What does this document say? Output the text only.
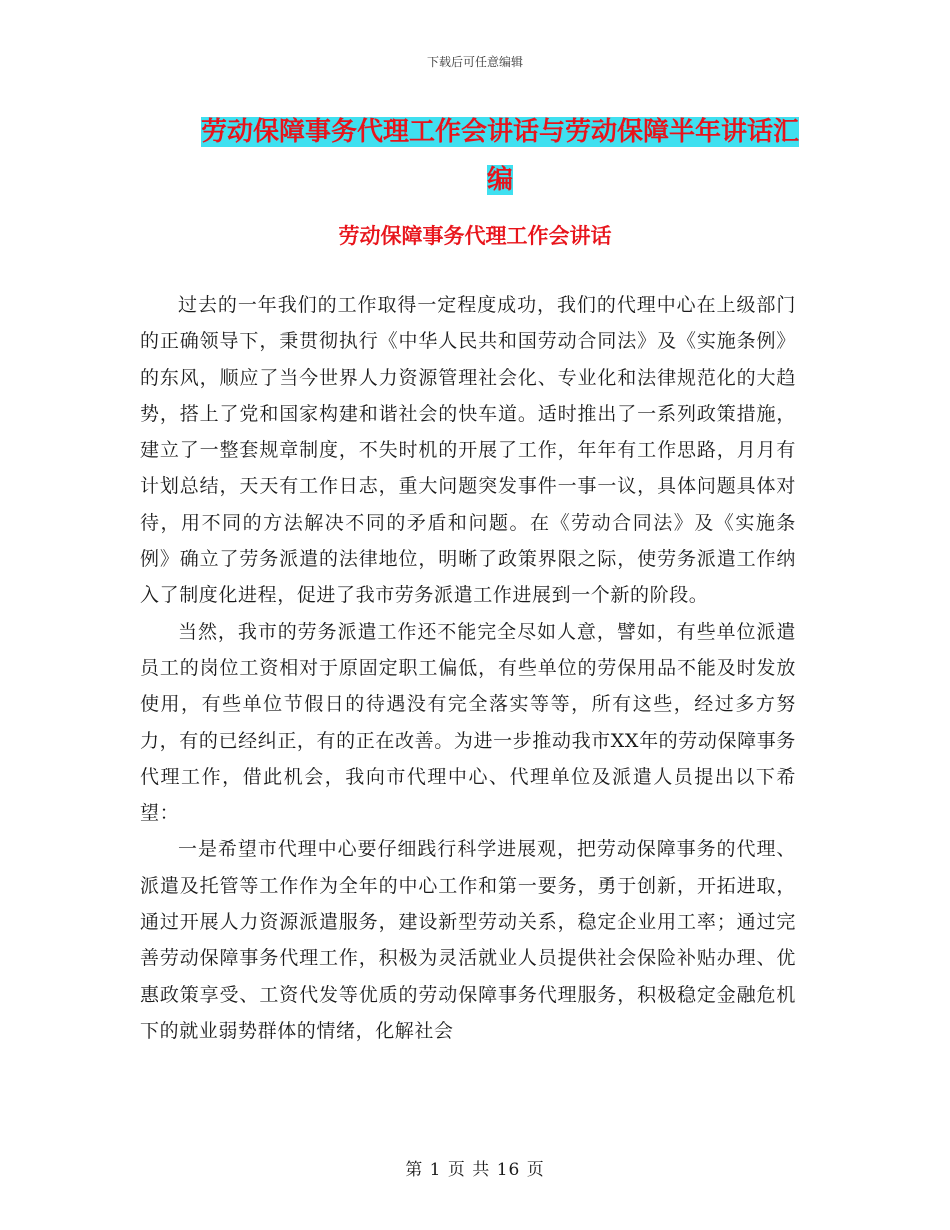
下载后可任意编辑
劳动保障事务代理工作会讲话与劳动保障半年讲话汇编
劳动保障事务代理工作会讲话

过去的一年我们的工作取得一定程度成功，我们的代理中心在上级部门的正确领导下，秉贯彻执行《中华人民共和国劳动合同法》及《实施条例》的东风，顺应了当今世界人力资源管理社会化、专业化和法律规范化的大趋势，搭上了党和国家构建和谐社会的快车道。适时推出了一系列政策措施，建立了一整套规章制度，不失时机的开展了工作，年年有工作思路，月月有计划总结，天天有工作日志，重大问题突发事件一事一议，具体问题具体对待，用不同的方法解决不同的矛盾和问题。在《劳动合同法》及《实施条例》确立了劳务派遣的法律地位，明晰了政策界限之际，使劳务派遣工作纳入了制度化进程，促进了我市劳务派遣工作进展到一个新的阶段。

当然，我市的劳务派遣工作还不能完全尽如人意，譬如，有些单位派遣员工的岗位工资相对于原固定职工偏低，有些单位的劳保用品不能及时发放使用，有些单位节假日的待遇没有完全落实等等，所有这些，经过多方努力，有的已经纠正，有的正在改善。为进一步推动我市XX年的劳动保障事务代理工作，借此机会，我向市代理中心、代理单位及派遣人员提出以下希望：

一是希望市代理中心要仔细践行科学进展观，把劳动保障事务的代理、派遣及托管等工作作为全年的中心工作和第一要务，勇于创新，开拓进取，通过开展人力资源派遣服务，建设新型劳动关系，稳定企业用工率；通过完善劳动保障事务代理工作，积极为灵活就业人员提供社会保险补贴办理、优惠政策享受、工资代发等优质的劳动保障事务代理服务，积极稳定金融危机下的就业弱势群体的情绪，化解社会

第 1 页 共 16 页
